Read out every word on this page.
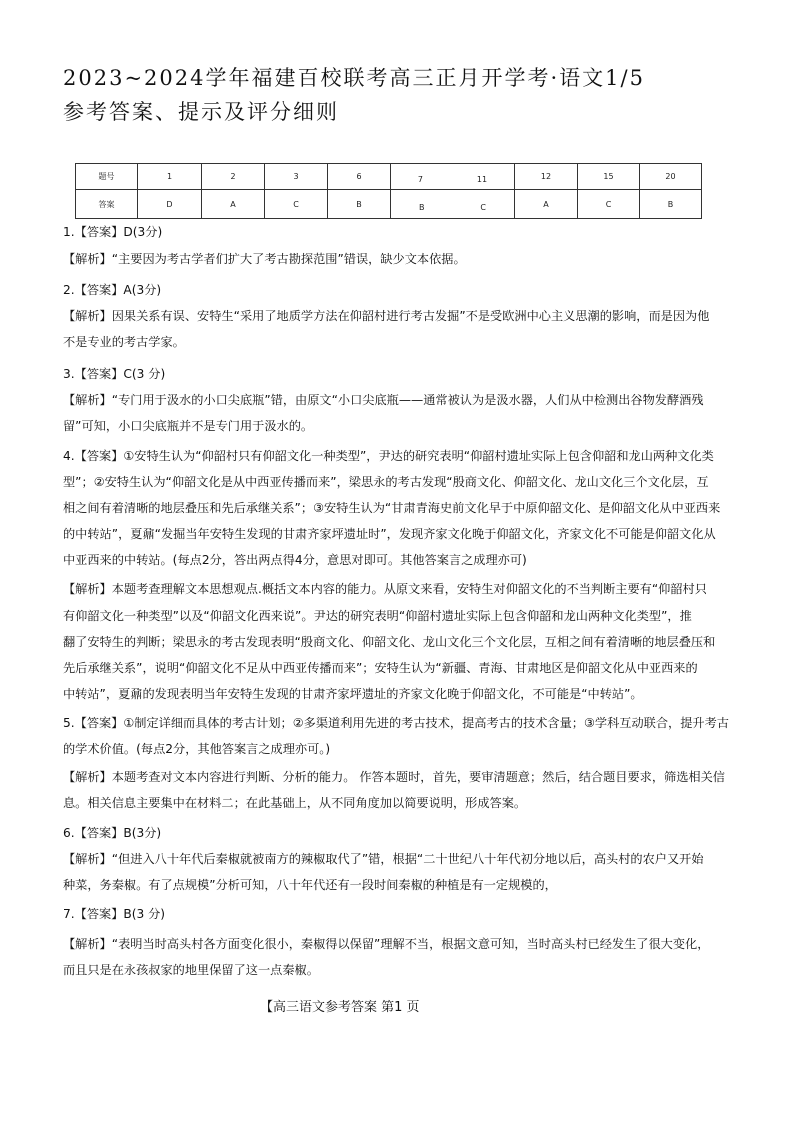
2023~2024学年福建百校联考高三正月开学考·语文1/5
参考答案、提示及评分细则
题号	1	2	3	6	7 11	12	15	20
答案	D	A	C	B	B C	A	C	B
1.【答案】D(3分)
【解析】“主要因为考古学者们扩大了考古勘探范围”错误，缺少文本依据。
2.【答案】A(3分)
【解析】因果关系有误、安特生“采用了地质学方法在仰韶村进行考古发掘”不是受欧洲中心主义思潮的影响，而是因为他
不是专业的考古学家。
3.【答案】C(3 分)
【解析】“专门用于汲水的小口尖底瓶”错，由原文“小口尖底瓶——通常被认为是汲水器，人们从中检测出谷物发酵酒残
留”可知，小口尖底瓶并不是专门用于汲水的。
4.【答案】①安特生认为“仰韶村只有仰韶文化一种类型”，尹达的研究表明“仰韶村遗址实际上包含仰韶和龙山两种文化类
型”；②安特生认为“仰韶文化是从中西亚传播而来”，梁思永的考古发现“殷商文化、仰韶文化、龙山文化三个文化层，互
相之间有着清晰的地层叠压和先后承继关系”；③安特生认为“甘肃青海史前文化早于中原仰韶文化、是仰韶文化从中亚西来
的中转站”，夏鼐“发掘当年安特生发现的甘肃齐家坪遗址时”，发现齐家文化晚于仰韶文化，齐家文化不可能是仰韶文化从
中亚西来的中转站。(每点2分，答出两点得4分，意思对即可。其他答案言之成理亦可)
【解析】本题考查理解文本思想观点.概括文本内容的能力。从原文来看，安特生对仰韶文化的不当判断主要有“仰韶村只
有仰韶文化一种类型”以及“仰韶文化西来说”。尹达的研究表明“仰韶村遗址实际上包含仰韶和龙山两种文化类型”，推
翻了安特生的判断；梁思永的考古发现表明“殷商文化、仰韶文化、龙山文化三个文化层，互相之间有着清晰的地层叠压和
先后承继关系”，说明“仰韶文化不足从中西亚传播而来”；安特生认为“新疆、青海、甘肃地区是仰韶文化从中亚西来的
中转站”，夏鼐的发现表明当年安特生发现的甘肃齐家坪遗址的齐家文化晚于仰韶文化，不可能是“中转站”。
5.【答案】①制定详细而具体的考古计划；②多渠道利用先进的考古技术，提高考古的技术含量；③学科互动联合，提升考古
的学术价值。(每点2分，其他答案言之成理亦可。)
【解析】本题考查对文本内容进行判断、分析的能力。 作答本题时，首先，要审清题意；然后，结合题目要求，筛选相关信
息。相关信息主要集中在材料二；在此基础上，从不同角度加以简要说明，形成答案。
6.【答案】B(3分)
【解析】“但进入八十年代后秦椒就被南方的辣椒取代了”错，根据“二十世纪八十年代初分地以后，高头村的农户又开始
种菜，务秦椒。有了点规模”分析可知，八十年代还有一段时间秦椒的种植是有一定规模的，
7.【答案】B(3 分)
【解析】“表明当时高头村各方面变化很小，秦椒得以保留”理解不当，根据文意可知，当时高头村已经发生了很大变化，
而且只是在永孩叔家的地里保留了这一点秦椒。
【高三语文参考答案 第1 页
